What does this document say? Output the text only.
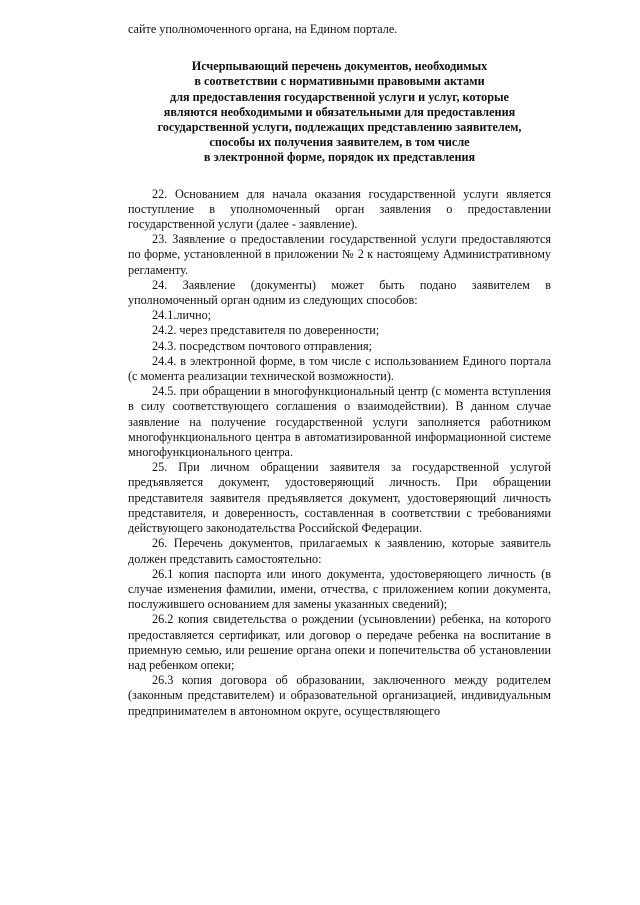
сайте уполномоченного органа, на Едином портале.

Исчерпывающий перечень документов, необходимых
в соответствии с нормативными правовыми актами
для предоставления государственной услуги и услуг, которые
являются необходимыми и обязательными для предоставления
государственной услуги, подлежащих представлению заявителем,
способы их получения заявителем, в том числе
в электронной форме, порядок их представления

22. Основанием для начала оказания государственной услуги является поступление в уполномоченный орган заявления о предоставлении государственной услуги (далее - заявление).

23. Заявление о предоставлении государственной услуги предоставляются по форме, установленной в приложении № 2 к настоящему Административному регламенту.

24. Заявление (документы) может быть подано заявителем в уполномоченный орган одним из следующих способов:

24.1.лично;

24.2. через представителя по доверенности;

24.3. посредством почтового отправления;

24.4. в электронной форме, в том числе с использованием Единого портала (с момента реализации технической возможности).

24.5. при обращении в многофункциональный центр (с момента вступления в силу соответствующего соглашения о взаимодействии). В данном случае заявление на получение государственной услуги заполняется работником многофункционального центра в автоматизированной информационной системе многофункционального центра.

25. При личном обращении заявителя за государственной услугой предъявляется документ, удостоверяющий личность. При обращении представителя заявителя предъявляется документ, удостоверяющий личность представителя, и доверенность, составленная в соответствии с требованиями действующего законодательства Российской Федерации.

26. Перечень документов, прилагаемых к заявлению, которые заявитель должен представить самостоятельно:

26.1 копия паспорта или иного документа, удостоверяющего личность (в случае изменения фамилии, имени, отчества, с приложением копии документа, послужившего основанием для замены указанных сведений);

26.2 копия свидетельства о рождении (усыновлении) ребенка, на которого предоставляется сертификат, или договор о передаче ребенка на воспитание в приемную семью, или решение органа опеки и попечительства об установлении над ребенком опеки;

26.3 копия договора об образовании, заключенного между родителем (законным представителем) и образовательной организацией, индивидуальным предпринимателем в автономном округе, осуществляющего
